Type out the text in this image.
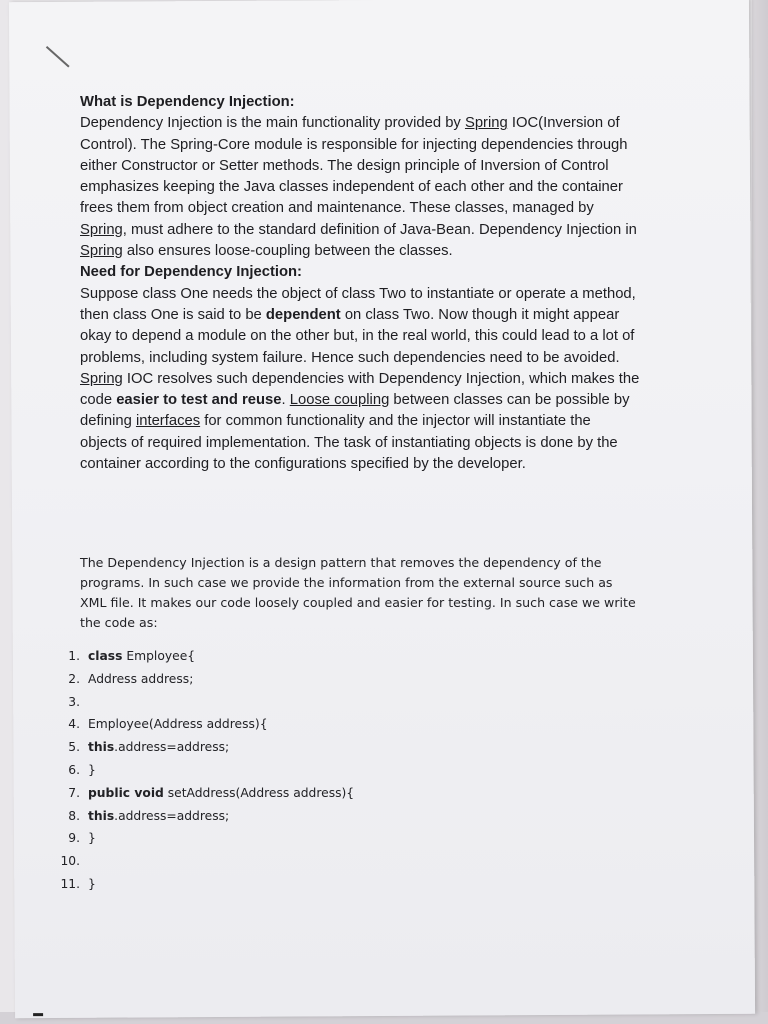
What is Dependency Injection:

Dependency Injection is the main functionality provided by Spring IOC(Inversion of Control). The Spring-Core module is responsible for injecting dependencies through either Constructor or Setter methods. The design principle of Inversion of Control emphasizes keeping the Java classes independent of each other and the container frees them from object creation and maintenance. These classes, managed by Spring, must adhere to the standard definition of Java-Bean. Dependency Injection in Spring also ensures loose-coupling between the classes.

Need for Dependency Injection:

Suppose class One needs the object of class Two to instantiate or operate a method, then class One is said to be dependent on class Two. Now though it might appear okay to depend a module on the other but, in the real world, this could lead to a lot of problems, including system failure. Hence such dependencies need to be avoided.

Spring IOC resolves such dependencies with Dependency Injection, which makes the code easier to test and reuse. Loose coupling between classes can be possible by defining interfaces for common functionality and the injector will instantiate the objects of required implementation. The task of instantiating objects is done by the container according to the configurations specified by the developer.

The Dependency Injection is a design pattern that removes the dependency of the programs. In such case we provide the information from the external source such as XML file. It makes our code loosely coupled and easier for testing. In such case we write the code as:

1. class Employee{
2. Address address;
3.
4. Employee(Address address){
5. this.address=address;
6. }
7. public void setAddress(Address address){
8. this.address=address;
9. }
10.
11. }
